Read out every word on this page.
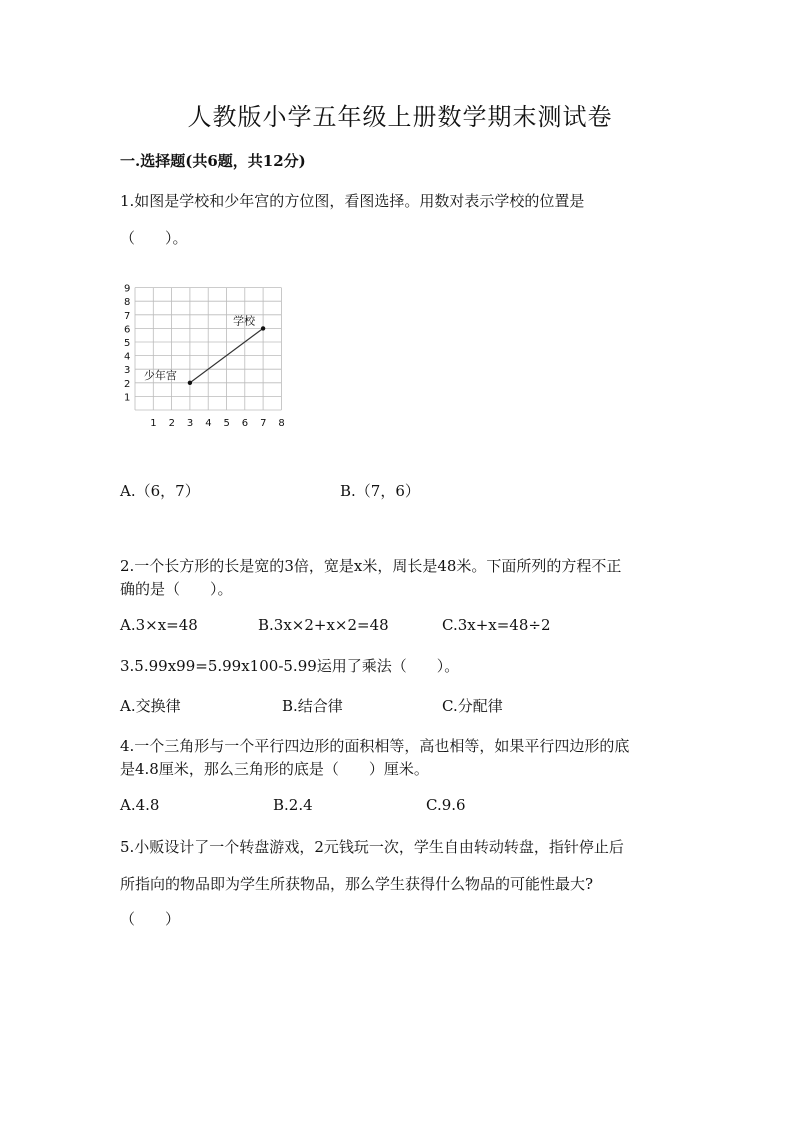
人教版小学五年级上册数学期末测试卷
一.选择题(共6题，共12分)
1.如图是学校和少年宫的方位图，看图选择。用数对表示学校的位置是
（　　）。
1 2 3 4 5 6 7 8
1
2
3
4
5
6
7
8
9
学校
少年宫
A.（6，7）	B.（7，6）
2.一个长方形的长是宽的3倍，宽是x米，周长是48米。下面所列的方程不正
确的是（　　）。
A.3×x=48	B.3x×2+x×2=48	C.3x+x=48÷2
3.5.99x99=5.99x100-5.99运用了乘法（　　）。
A.交换律	B.结合律	C.分配律
4.一个三角形与一个平行四边形的面积相等，高也相等，如果平行四边形的底
是4.8厘米，那么三角形的底是（　　）厘米。
A.4.8	B.2.4	C.9.6
5.小贩设计了一个转盘游戏，2元钱玩一次，学生自由转动转盘，指针停止后
所指向的物品即为学生所获物品，那么学生获得什么物品的可能性最大?
（　　）
